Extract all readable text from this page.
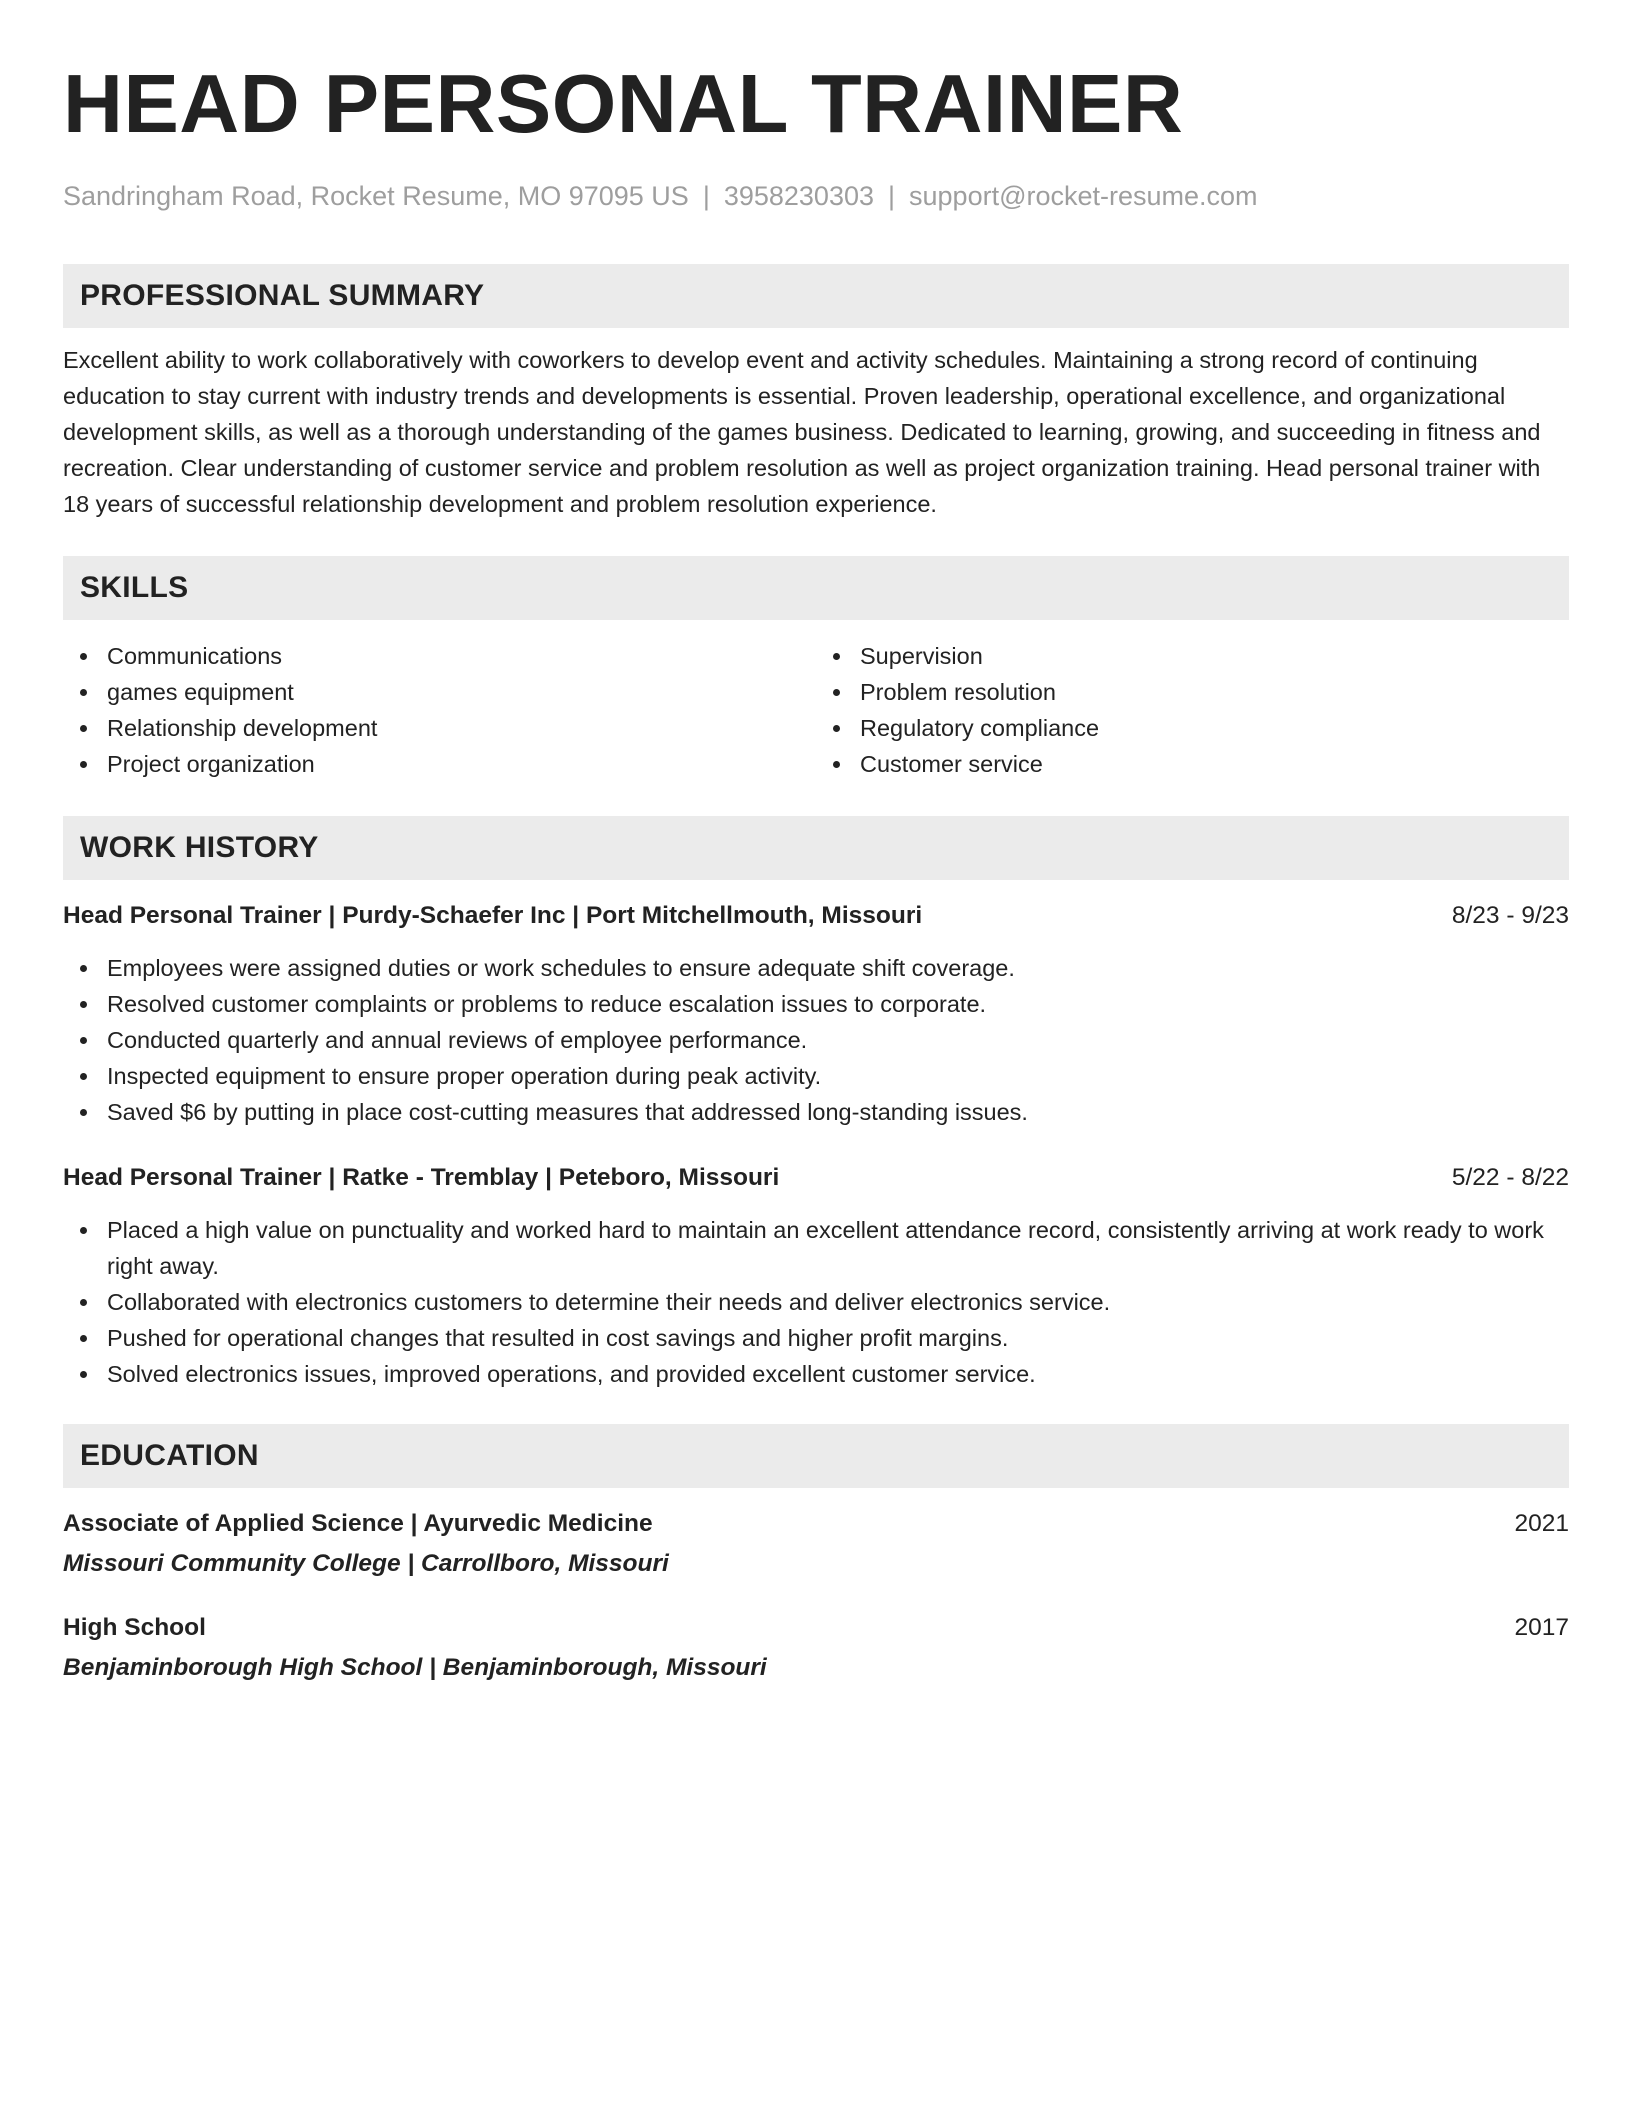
HEAD PERSONAL TRAINER
Sandringham Road, Rocket Resume, MO 97095 US | 3958230303 | support@rocket-resume.com
PROFESSIONAL SUMMARY

Excellent ability to work collaboratively with coworkers to develop event and activity schedules. Maintaining a strong record of continuing education to stay current with industry trends and developments is essential. Proven leadership, operational excellence, and organizational development skills, as well as a thorough understanding of the games business. Dedicated to learning, growing, and succeeding in fitness and recreation. Clear understanding of customer service and problem resolution as well as project organization training. Head personal trainer with 18 years of successful relationship development and problem resolution experience.

SKILLS
Communications
games equipment
Relationship development
Project organization
Supervision
Problem resolution
Regulatory compliance
Customer service
WORK HISTORY
Head Personal Trainer | Purdy-Schaefer Inc | Port Mitchellmouth, Missouri	8/23 - 9/23
Employees were assigned duties or work schedules to ensure adequate shift coverage.
Resolved customer complaints or problems to reduce escalation issues to corporate.
Conducted quarterly and annual reviews of employee performance.
Inspected equipment to ensure proper operation during peak activity.
Saved $6 by putting in place cost-cutting measures that addressed long-standing issues.
Head Personal Trainer | Ratke - Tremblay | Peteboro, Missouri	5/22 - 8/22
Placed a high value on punctuality and worked hard to maintain an excellent attendance record, consistently arriving at work ready to work right away.
Collaborated with electronics customers to determine their needs and deliver electronics service.
Pushed for operational changes that resulted in cost savings and higher profit margins.
Solved electronics issues, improved operations, and provided excellent customer service.
EDUCATION
Associate of Applied Science | Ayurvedic Medicine	2021
Missouri Community College | Carrollboro, Missouri
High School	2017
Benjaminborough High School | Benjaminborough, Missouri
